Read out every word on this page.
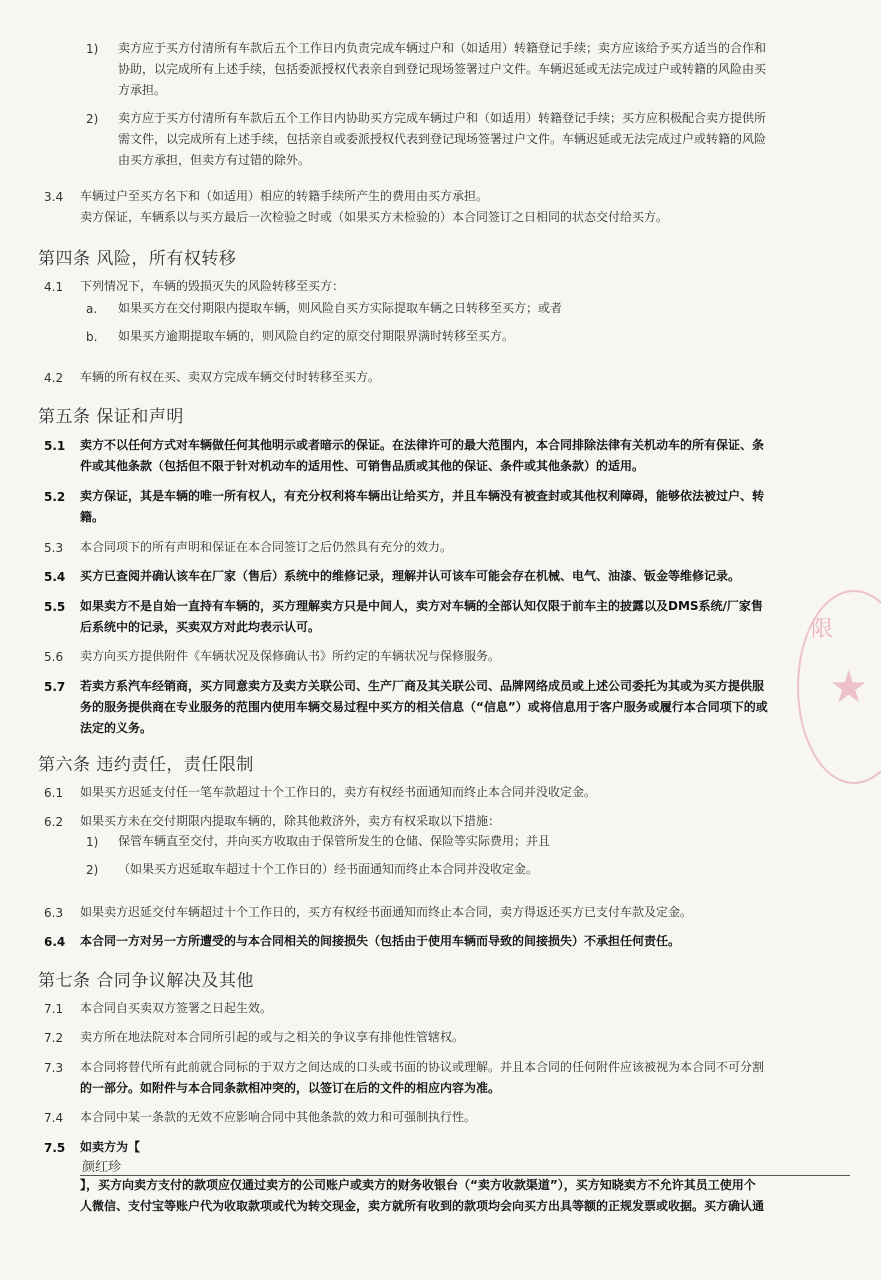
1) 卖方应于买方付清所有车款后五个工作日内负责完成车辆过户和（如适用）转籍登记手续；卖方应该给予买方适当的合作和
协助，以完成所有上述手续，包括委派授权代表亲自到登记现场签署过户文件。车辆迟延或无法完成过户或转籍的风险由买
方承担。
2) 卖方应于买方付清所有车款后五个工作日内协助买方完成车辆过户和（如适用）转籍登记手续；买方应积极配合卖方提供所
需文件，以完成所有上述手续，包括亲自或委派授权代表到登记现场签署过户文件。车辆迟延或无法完成过户或转籍的风险
由买方承担，但卖方有过错的除外。
3.4 车辆过户至买方名下和（如适用）相应的转籍手续所产生的费用由买方承担。
卖方保证，车辆系以与买方最后一次检验之时或（如果买方未检验的）本合同签订之日相同的状态交付给买方。
第四条 风险，所有权转移
4.1 下列情况下，车辆的毁损灭失的风险转移至买方：
a. 如果买方在交付期限内提取车辆，则风险自买方实际提取车辆之日转移至买方；或者
b. 如果买方逾期提取车辆的，则风险自约定的原交付期限界满时转移至买方。
4.2 车辆的所有权在买、卖双方完成车辆交付时转移至买方。
第五条 保证和声明
5.1 卖方不以任何方式对车辆做任何其他明示或者暗示的保证。在法律许可的最大范围内，本合同排除法律有关机动车的所有保证、条
件或其他条款（包括但不限于针对机动车的适用性、可销售品质或其他的保证、条件或其他条款）的适用。
5.2 卖方保证，其是车辆的唯一所有权人，有充分权利将车辆出让给买方，并且车辆没有被查封或其他权利障碍，能够依法被过户、转
籍。
5.3 本合同项下的所有声明和保证在本合同签订之后仍然具有充分的效力。
5.4 买方已查阅并确认该车在厂家（售后）系统中的维修记录，理解并认可该车可能会存在机械、电气、油漆、钣金等维修记录。
5.5 如果卖方不是自始一直持有车辆的，买方理解卖方只是中间人，卖方对车辆的全部认知仅限于前车主的披露以及DMS系统/厂家售
后系统中的记录，买卖双方对此均表示认可。
5.6 卖方向买方提供附件《车辆状况及保修确认书》所约定的车辆状况与保修服务。
5.7 若卖方系汽车经销商，买方同意卖方及卖方关联公司、生产厂商及其关联公司、品牌网络成员或上述公司委托为其或为买方提供服
务的服务提供商在专业服务的范围内使用车辆交易过程中买方的相关信息（“信息”）或将信息用于客户服务或履行本合同项下的或
法定的义务。
第六条 违约责任，责任限制
6.1 如果买方迟延支付任一笔车款超过十个工作日的，卖方有权经书面通知而终止本合同并没收定金。
6.2 如果买方未在交付期限内提取车辆的，除其他救济外，卖方有权采取以下措施：
1) 保管车辆直至交付，并向买方收取由于保管所发生的仓储、保险等实际费用；并且
2) （如果买方迟延取车超过十个工作日的）经书面通知而终止本合同并没收定金。
6.3 如果卖方迟延交付车辆超过十个工作日的，买方有权经书面通知而终止本合同，卖方得返还买方已支付车款及定金。
6.4 本合同一方对另一方所遭受的与本合同相关的间接损失（包括由于使用车辆而导致的间接损失）不承担任何责任。
第七条 合同争议解决及其他
7.1 本合同自买卖双方签署之日起生效。
7.2 卖方所在地法院对本合同所引起的或与之相关的争议享有排他性管辖权。
7.3 本合同将替代所有此前就合同标的于双方之间达成的口头或书面的协议或理解。并且本合同的任何附件应该被视为本合同不可分割
的一部分。如附件与本合同条款相冲突的，以签订在后的文件的相应内容为准。
7.4 本合同中某一条款的无效不应影响合同中其他条款的效力和可强制执行性。
7.5 如卖方为【
颜红珍
】，买方向卖方支付的款项应仅通过卖方的公司账户或卖方的财务收银台（“卖方收款渠道”），买方知晓卖方不允许其员工使用个
人微信、支付宝等账户代为收取款项或代为转交现金，卖方就所有收到的款项均会向买方出具等额的正规发票或收据。买方确认通
限
★
